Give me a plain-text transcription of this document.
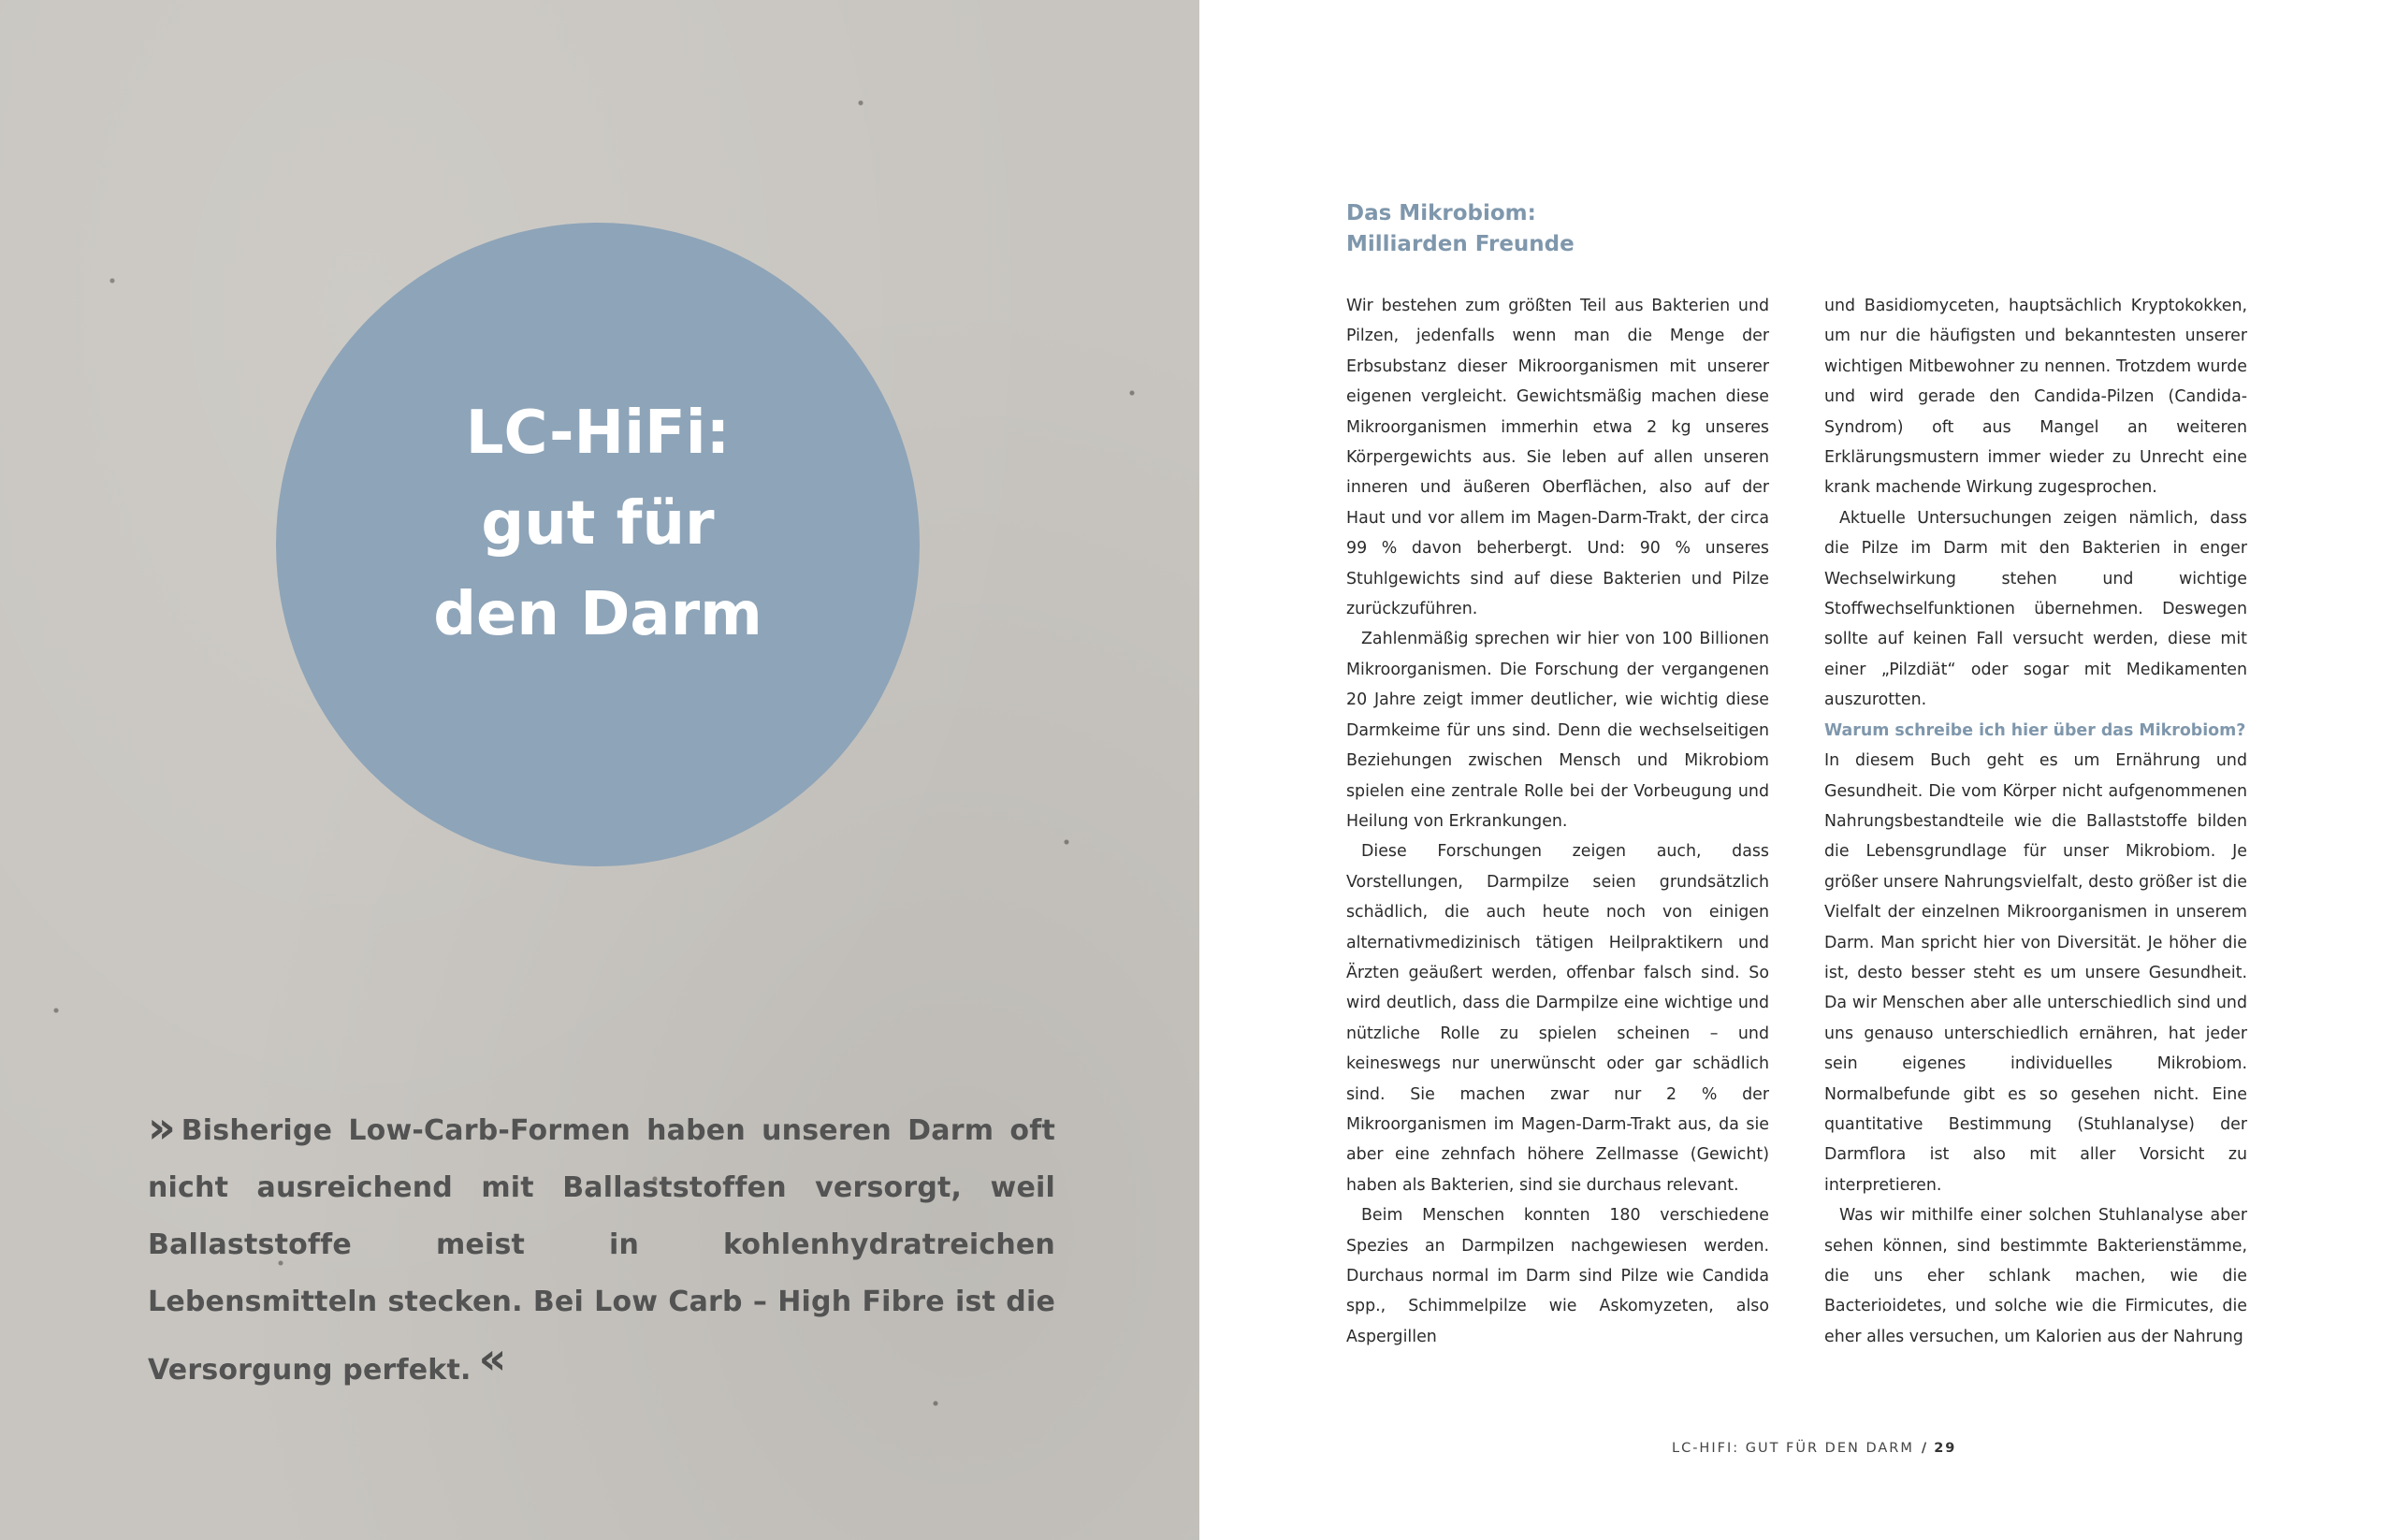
LC-HiFi:
gut für
den Darm

» Bisherige Low-Carb-Formen haben unseren Darm oft nicht ausreichend mit Ballaststoffen versorgt, weil Ballaststoffe meist in kohlenhydratreichen Lebensmitteln stecken. Bei Low Carb – High Fibre ist die Versorgung perfekt. «

Das Mikrobiom:
Milliarden Freunde

Wir bestehen zum größten Teil aus Bakterien und Pilzen, jedenfalls wenn man die Menge der Erbsubstanz dieser Mikroorganismen mit unserer eigenen vergleicht. Gewichtsmäßig machen diese Mikroorganismen immerhin etwa 2 kg unseres Körpergewichts aus. Sie leben auf allen unseren inneren und äußeren Oberflächen, also auf der Haut und vor allem im Magen-Darm-Trakt, der circa 99 % davon beherbergt. Und: 90 % unseres Stuhlgewichts sind auf diese Bakterien und Pilze zurückzuführen.

Zahlenmäßig sprechen wir hier von 100 Billionen Mikroorganismen. Die Forschung der vergangenen 20 Jahre zeigt immer deutlicher, wie wichtig diese Darmkeime für uns sind. Denn die wechselseitigen Beziehungen zwischen Mensch und Mikrobiom spielen eine zentrale Rolle bei der Vorbeugung und Heilung von Erkrankungen.

Diese Forschungen zeigen auch, dass Vorstellungen, Darmpilze seien grundsätzlich schädlich, die auch heute noch von einigen alternativmedizinisch tätigen Heilpraktikern und Ärzten geäußert werden, offenbar falsch sind. So wird deutlich, dass die Darmpilze eine wichtige und nützliche Rolle zu spielen scheinen – und keineswegs nur unerwünscht oder gar schädlich sind. Sie machen zwar nur 2 % der Mikroorganismen im Magen-Darm-Trakt aus, da sie aber eine zehnfach höhere Zellmasse (Gewicht) haben als Bakterien, sind sie durchaus relevant.

Beim Menschen konnten 180 verschiedene Spezies an Darmpilzen nachgewiesen werden. Durchaus normal im Darm sind Pilze wie Candida spp., Schimmelpilze wie Askomyzeten, also Aspergillen

und Basidiomyceten, hauptsächlich Kryptokokken, um nur die häufigsten und bekanntesten unserer wichtigen Mitbewohner zu nennen. Trotzdem wurde und wird gerade den Candida-Pilzen (Candida-Syndrom) oft aus Mangel an weiteren Erklärungsmustern immer wieder zu Unrecht eine krank machende Wirkung zugesprochen.

Aktuelle Untersuchungen zeigen nämlich, dass die Pilze im Darm mit den Bakterien in enger Wechselwirkung stehen und wichtige Stoffwechselfunktionen übernehmen. Deswegen sollte auf keinen Fall versucht werden, diese mit einer „Pilzdiät“ oder sogar mit Medikamenten auszurotten.

Warum schreibe ich hier über das Mikrobiom?

In diesem Buch geht es um Ernährung und Gesundheit. Die vom Körper nicht aufgenommenen Nahrungsbestandteile wie die Ballaststoffe bilden die Lebensgrundlage für unser Mikrobiom. Je größer unsere Nahrungsvielfalt, desto größer ist die Vielfalt der einzelnen Mikroorganismen in unserem Darm. Man spricht hier von Diversität. Je höher die ist, desto besser steht es um unsere Gesundheit. Da wir Menschen aber alle unterschiedlich sind und uns genauso unterschiedlich ernähren, hat jeder sein eigenes individuelles Mikrobiom. Normalbefunde gibt es so gesehen nicht. Eine quantitative Bestimmung (Stuhlanalyse) der Darmflora ist also mit aller Vorsicht zu interpretieren.

Was wir mithilfe einer solchen Stuhlanalyse aber sehen können, sind bestimmte Bakterienstämme, die uns eher schlank machen, wie die Bacterioidetes, und solche wie die Firmicutes, die eher alles versuchen, um Kalorien aus der Nahrung

LC-HIFI: GUT FÜR DEN DARM / 29
